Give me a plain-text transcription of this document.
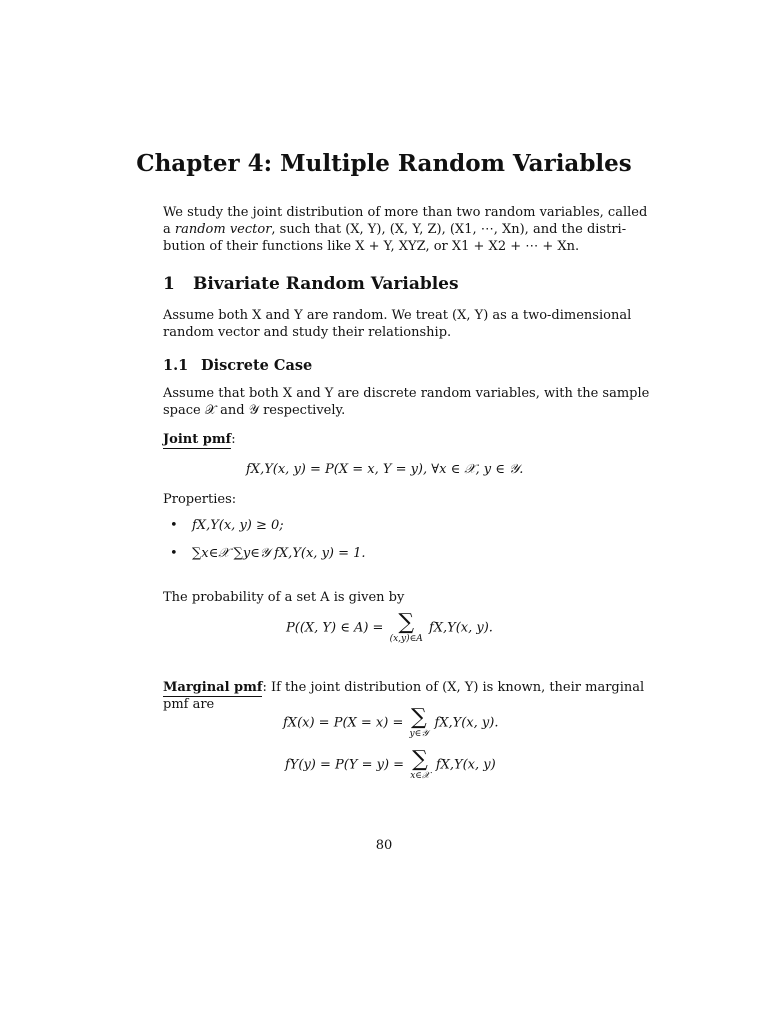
Chapter 4: Multiple Random Variables
We study the joint distribution of more than two random variables, called
a random vector, such that (X, Y), (X, Y, Z), (X1, ⋯, Xn), and the distri-
bution of their functions like X + Y, XYZ, or X1 + X2 + ⋯ + Xn.
1 Bivariate Random Variables
Assume both X and Y are random. We treat (X, Y) as a two-dimensional
random vector and study their relationship.
1.1 Discrete Case
Assume that both X and Y are discrete random variables, with the sample
space 𝒳 and 𝒴 respectively.
Joint pmf:
fX,Y(x, y) = P(X = x, Y = y), ∀x ∈ 𝒳, y ∈ 𝒴.
Properties:
• fX,Y(x, y) ≥ 0;
• ∑x∈𝒳 ∑y∈𝒴 fX,Y(x, y) = 1.
The probability of a set A is given by
P((X, Y) ∈ A) = ∑
(x,y)∈A
fX,Y(x, y).
Marginal pmf: If the joint distribution of (X, Y) is known, their marginal
pmf are
fX(x) = P(X = x) = ∑
y∈𝒴
fX,Y(x, y).
fY(y) = P(Y = y) = ∑
x∈𝒳
fX,Y(x, y)
80
